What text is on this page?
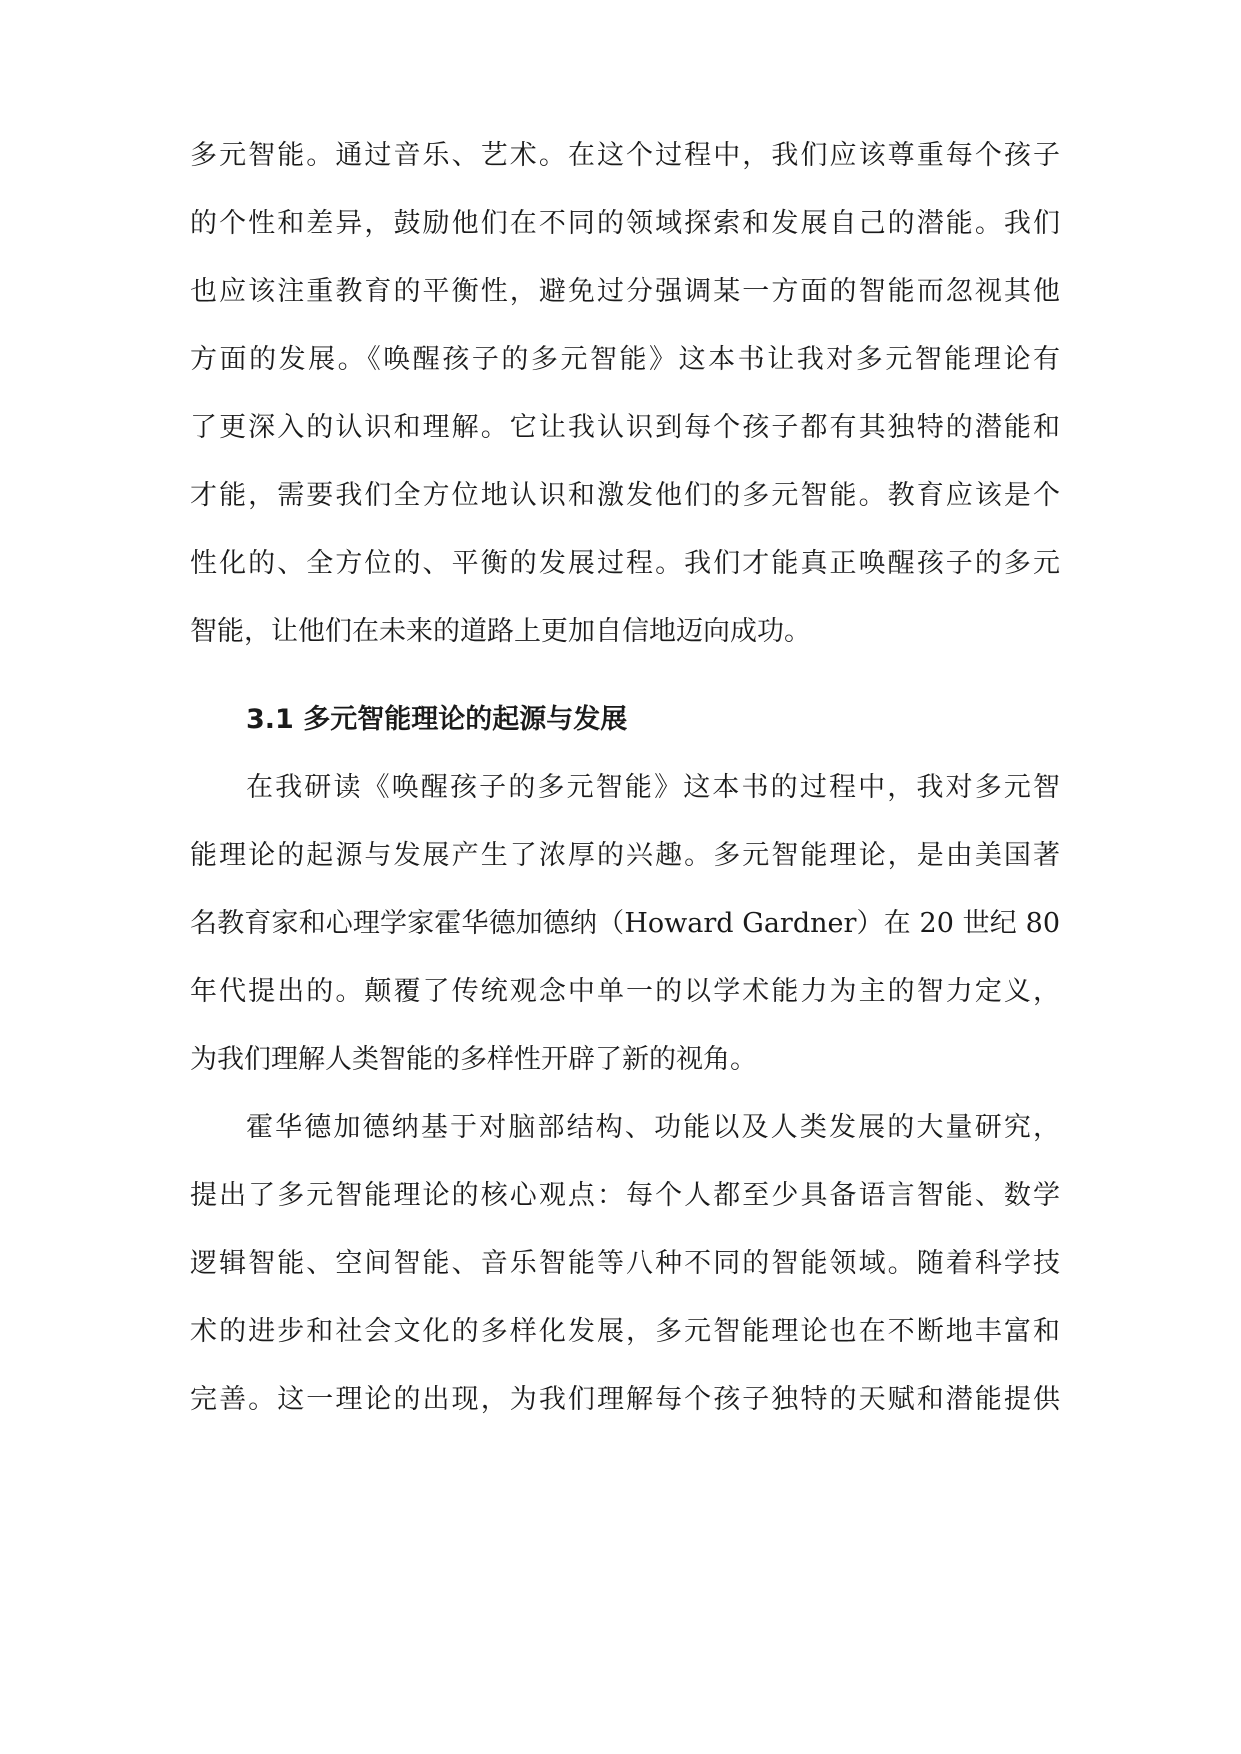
多元智能。通过音乐、艺术。在这个过程中，我们应该尊重每个孩子
的个性和差异，鼓励他们在不同的领域探索和发展自己的潜能。我们
也应该注重教育的平衡性，避免过分强调某一方面的智能而忽视其他
方面的发展。《唤醒孩子的多元智能》这本书让我对多元智能理论有
了更深入的认识和理解。它让我认识到每个孩子都有其独特的潜能和
才能，需要我们全方位地认识和激发他们的多元智能。教育应该是个
性化的、全方位的、平衡的发展过程。我们才能真正唤醒孩子的多元
智能，让他们在未来的道路上更加自信地迈向成功。
3.1 多元智能理论的起源与发展
在我研读《唤醒孩子的多元智能》这本书的过程中，我对多元智
能理论的起源与发展产生了浓厚的兴趣。多元智能理论，是由美国著
名教育家和心理学家霍华德加德纳（Howard Gardner）在 20 世纪 80
年代提出的。颠覆了传统观念中单一的以学术能力为主的智力定义，
为我们理解人类智能的多样性开辟了新的视角。
霍华德加德纳基于对脑部结构、功能以及人类发展的大量研究，
提出了多元智能理论的核心观点：每个人都至少具备语言智能、数学
逻辑智能、空间智能、音乐智能等八种不同的智能领域。随着科学技
术的进步和社会文化的多样化发展，多元智能理论也在不断地丰富和
完善。这一理论的出现，为我们理解每个孩子独特的天赋和潜能提供
